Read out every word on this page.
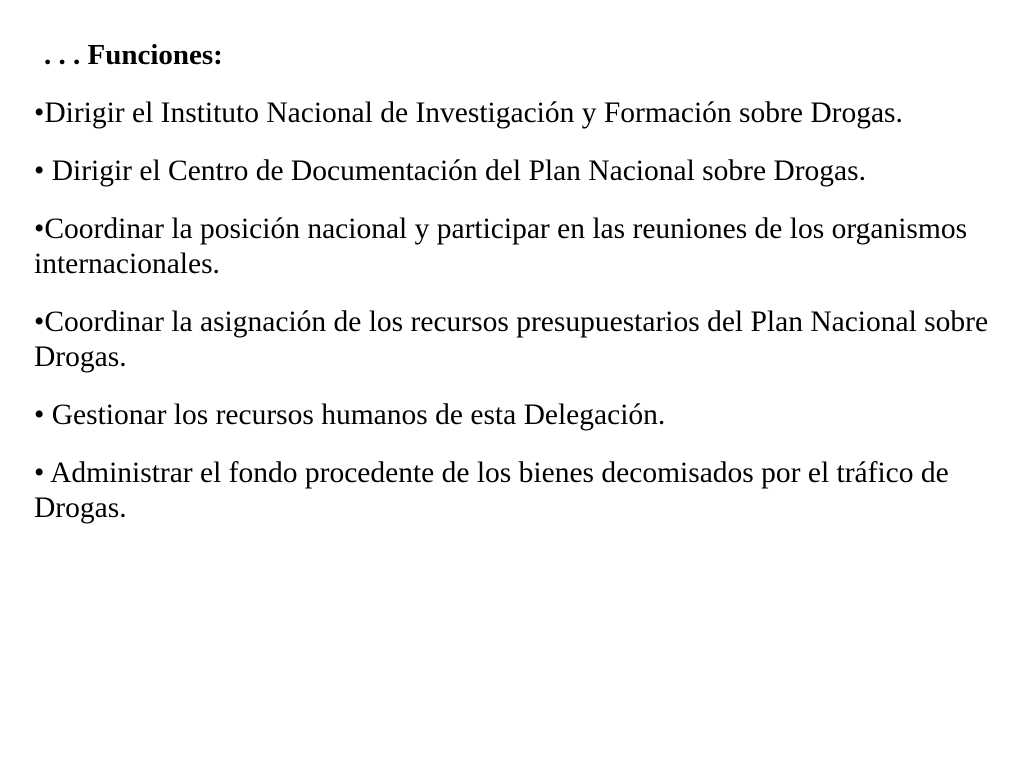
. . . Funciones:
•Dirigir el Instituto Nacional de Investigación y Formación sobre Drogas.
• Dirigir el Centro de Documentación del Plan Nacional sobre Drogas.
•Coordinar la posición nacional y participar en las reuniones de los organismos internacionales.
•Coordinar la asignación de los recursos presupuestarios del Plan Nacional sobre Drogas.
• Gestionar los recursos humanos de esta Delegación.
• Administrar el fondo procedente de los bienes decomisados por el tráfico de Drogas.
